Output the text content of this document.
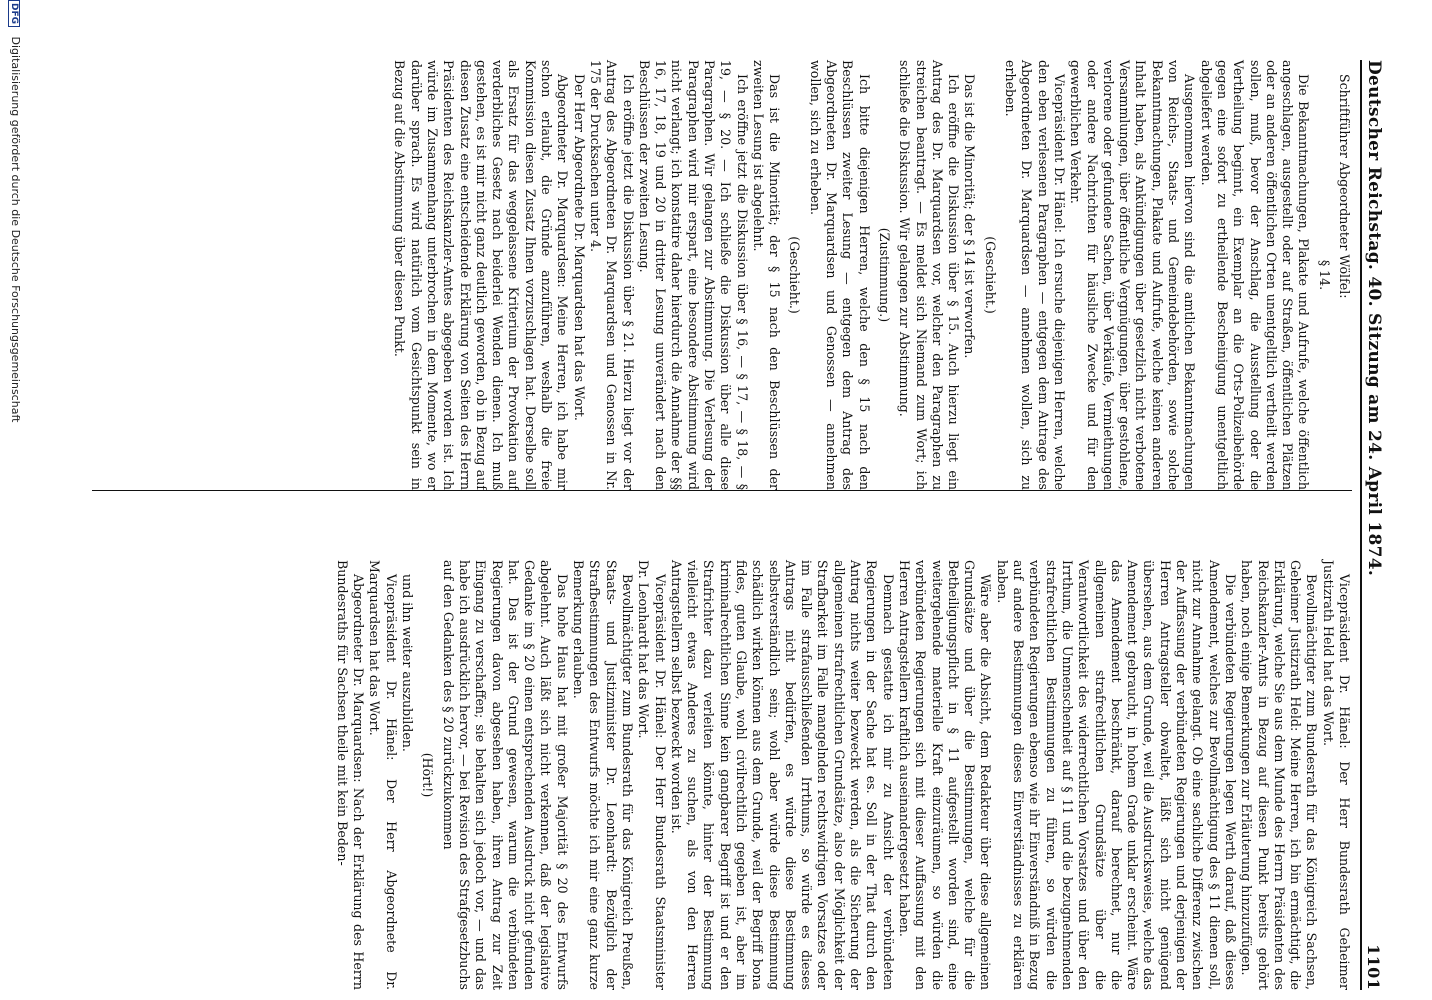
Deutscher Reichstag. 40. Sitzung am 24. April 1874.
1101

Schriftführer Abgeordneter Wölfel:

§ 14.

Die Bekanntmachungen, Plakate und Aufrufe, welche öffentlich angeschlagen, ausgestellt oder auf Straßen, öffentlichen Plätzen oder an anderen öffentlichen Orten unentgeltlich vertheilt werden sollen, muß, bevor der Anschlag, die Ausstellung oder die Vertheilung beginnt, ein Exemplar an die Orts-Polizeibehörde gegen eine sofort zu ertheilende Bescheinigung unentgeltlich abgeliefert werden.

Ausgenommen hiervon sind die amtlichen Bekanntmachungen von Reichs-, Staats- und Gemeindebehörden, sowie solche Bekanntmachungen, Plakate und Aufrufe, welche keinen anderen Inhalt haben, als Ankündigungen über gesetzlich nicht verbotene Versammlungen, über öffentliche Vergnügungen, über gestohlene, verlorene oder gefundene Sachen, über Verkäufe, Vermiethungen oder andere Nachrichten für häusliche Zwecke und für den gewerblichen Verkehr.

Vicepräsident Dr. Hänel: Ich ersuche diejenigen Herren, welche den eben verlesenen Paragraphen — entgegen dem Antrage des Abgeordneten Dr. Marquardsen — annehmen wollen, sich zu erheben.

(Geschieht.)

Das ist die Minorität; der § 14 ist verworfen.

Ich eröffne die Diskussion über § 15. Auch hierzu liegt ein Antrag des Dr. Marquardsen vor, welcher den Paragraphen zu streichen beantragt. — Es meldet sich Niemand zum Wort; ich schließe die Diskussion. Wir gelangen zur Abstimmung.

(Zustimmung.)

Ich bitte diejenigen Herren, welche den § 15 nach den Beschlüssen zweiter Lesung — entgegen dem Antrag des Abgeordneten Dr. Marquardsen und Genossen — annehmen wollen, sich zu erheben.

(Geschieht.)

Das ist die Minorität; der § 15 nach den Beschlüssen der zweiten Lesung ist abgelehnt.

Ich eröffne jetzt die Diskussion über § 16, — § 17, — § 18, — § 19, — § 20. — Ich schließe die Diskussion über alle diese Paragraphen. Wir gelangen zur Abstimmung. Die Verlesung der Paragraphen wird mir erspart, eine besondere Abstimmung wird nicht verlangt; ich konstatire daher hierdurch die Annahme der §§ 16, 17, 18, 19 und 20 in dritter Lesung unverändert nach den Beschlüssen der zweiten Lesung.

Ich eröffne jetzt die Diskussion über § 21. Hierzu liegt vor der Antrag des Abgeordneten Dr. Marquardsen und Genossen in Nr. 175 der Drucksachen unter 4.

Der Herr Abgeordnete Dr. Marquardsen hat das Wort.

Abgeordneter Dr. Marquardsen: Meine Herren, ich habe mir schon erlaubt, die Gründe anzuführen, weshalb die freie Kommission diesen Zusatz Ihnen vorzuschlagen hat. Derselbe soll als Ersatz für das weggelassene Kriterium der Provokation auf verderbliches Gesetz nach beiderlei Wenden dienen. Ich muß gestehen, es ist mir nicht ganz deutlich geworden, ob in Bezug auf diesen Zusatz eine entscheidende Erklärung von Seiten des Herrn Präsidenten des Reichskanzler-Amtes abgegeben worden ist. Ich würde im Zusammenhang unterbrochen in dem Momente, wo er darüber sprach. Es wird natürlich vom Gesichtspunkt sein in Bezug auf die Abstimmung über diesen Punkt.

Vicepräsident Dr. Hänel: Der Herr Bundesrath Geheimer Justizrath Held hat das Wort.

Bevollmächtigter zum Bundesrath für das Königreich Sachsen, Geheimer Justizrath Held: Meine Herren, ich bin ermächtigt, die Erklärung, welche Sie aus dem Munde des Herrn Präsidenten des Reichskanzler-Amts in Bezug auf diesen Punkt bereits gehört haben, noch einige Bemerkungen zur Erläuterung hinzuzufügen.

Die verbündeten Regierungen legen Werth darauf, daß dieses Amendement, welches zur Bevollmächtigung des § 11 dienen soll, nicht zur Annahme gelangt. Ob eine sachliche Differenz zwischen der Auffassung der verbündeten Regierungen und derjenigen der Herren Antragsteller obwaltet, läßt sich nicht genügend übersehen, aus dem Grunde, weil die Ausdrucksweise, welche das Amendement gebraucht, in hohem Grade unklar erscheint. Wäre das Amendement beschränkt, darauf berechnet, nur die allgemeinen strafrechtlichen Grundsätze über die Verantwortlichkeit des widerrechtlichen Vorsatzes und über den Irrthum, die Unmenschenheit auf § 11 und die bezugnehmenden strafrechtlichen Bestimmungen zu führen, so würden die verbündeten Regierungen ebenso wie ihr Einverständniß in Bezug auf andere Bestimmungen dieses Einverständnisses zu erklären haben.

Wäre aber die Absicht, dem Redakteur über diese allgemeinen Grundsätze und über die Bestimmungen, welche für die Betheiligungspflicht in § 11 aufgestellt worden sind, eine weitergehende materielle Kraft einzuräumen, so würden die verbündeten Regierungen sich mit dieser Auffassung mit den Herren Antragstellern kraftlich auseinandergesetzt haben.

Demnach gestatte ich mir zu Ansicht der verbündeten Regierungen in der Sache hat es. Soll in der That durch den Antrag nichts weiter bezweckt werden, als die Sicherung der allgemeinen strafrechtlichen Grundsätze, also der Möglichkeit der Strafbarkeit im Falle mangelnden rechtswidrigen Vorsatzes oder im Falle strafausschließenden Irrthums, so würde es dieses Antrags nicht bedürfen, es würde diese Bestimmung selbstverständlich sein; wohl aber würde diese Bestimmung schädlich wirken können aus dem Grunde, weil der Begriff bona fides, guten Glaube, wohl civilrechtlich gegeben ist, aber im kriminalrechtlichen Sinne kein gangbarer Begriff ist und er den Strafrichter dazu verleiten könnte, hinter der Bestimmung vielleicht etwas Anderes zu suchen, als von den Herren Antragstellern selbst bezweckt worden ist.

Vicepräsident Dr. Hänel: Der Herr Bundesrath Staatsminister Dr. Leonhardt hat das Wort.

Bevollmächtigter zum Bundesrath für das Königreich Preußen, Staats- und Justizminister Dr. Leonhardt: Bezüglich der Strafbestimmungen des Entwurfs möchte ich mir eine ganz kurze Bemerkung erlauben.

Das hohe Haus hat mit großer Majorität § 20 des Entwurfs abgelehnt. Auch läßt sich nicht verkennen, daß der legislative Gedanke im § 20 einen entsprechenden Ausdruck nicht gefunden hat. Das ist der Grund gewesen, warum die verbündeten Regierungen davon abgesehen haben, ihren Antrag zur Zeit Eingang zu verschaffen; sie behalten sich jedoch vor, — und das habe ich ausdrücklich hervor, — bei Revision des Strafgesetzbuchs auf den Gedanken des § 20 zurückzukommen

(Hört!)

und ihn weiter auszubilden.

Vicepräsident Dr. Hänel: Der Herr Abgeordnete Dr. Marquardsen hat das Wort.

Abgeordneter Dr. Marquardsen: Nach der Erklärung des Herrn Bundesraths für Sachsen theile mit kein Beden-

DFG Digitalisierung gefördert durch die Deutsche Forschungsgemeinschaft
